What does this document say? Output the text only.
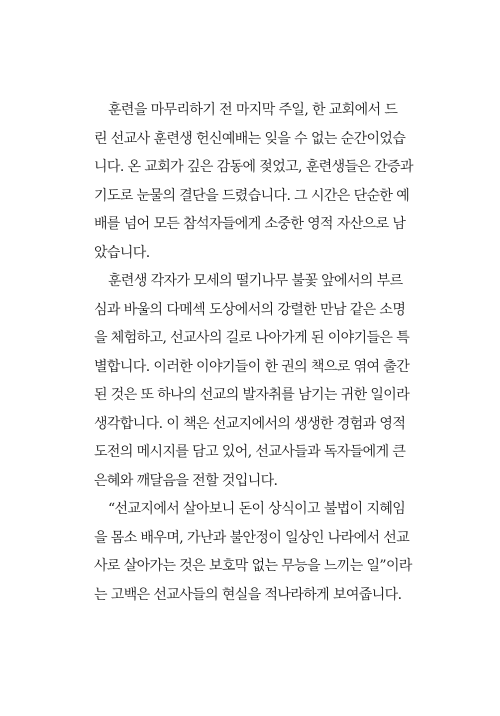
훈련을 마무리하기 전 마지막 주일, 한 교회에서 드
린 선교사 훈련생 헌신예배는 잊을 수 없는 순간이었습
니다. 온 교회가 깊은 감동에 젖었고, 훈련생들은 간증과
기도로 눈물의 결단을 드렸습니다. 그 시간은 단순한 예
배를 넘어 모든 참석자들에게 소중한 영적 자산으로 남
았습니다.
훈련생 각자가 모세의 떨기나무 불꽃 앞에서의 부르
심과 바울의 다메섹 도상에서의 강렬한 만남 같은 소명
을 체험하고, 선교사의 길로 나아가게 된 이야기들은 특
별합니다. 이러한 이야기들이 한 권의 책으로 엮여 출간
된 것은 또 하나의 선교의 발자취를 남기는 귀한 일이라
생각합니다. 이 책은 선교지에서의 생생한 경험과 영적
도전의 메시지를 담고 있어, 선교사들과 독자들에게 큰
은혜와 깨달음을 전할 것입니다.
“선교지에서 살아보니 돈이 상식이고 불법이 지혜임
을 몸소 배우며, 가난과 불안정이 일상인 나라에서 선교
사로 살아가는 것은 보호막 없는 무능을 느끼는 일”이라
는 고백은 선교사들의 현실을 적나라하게 보여줍니다.
